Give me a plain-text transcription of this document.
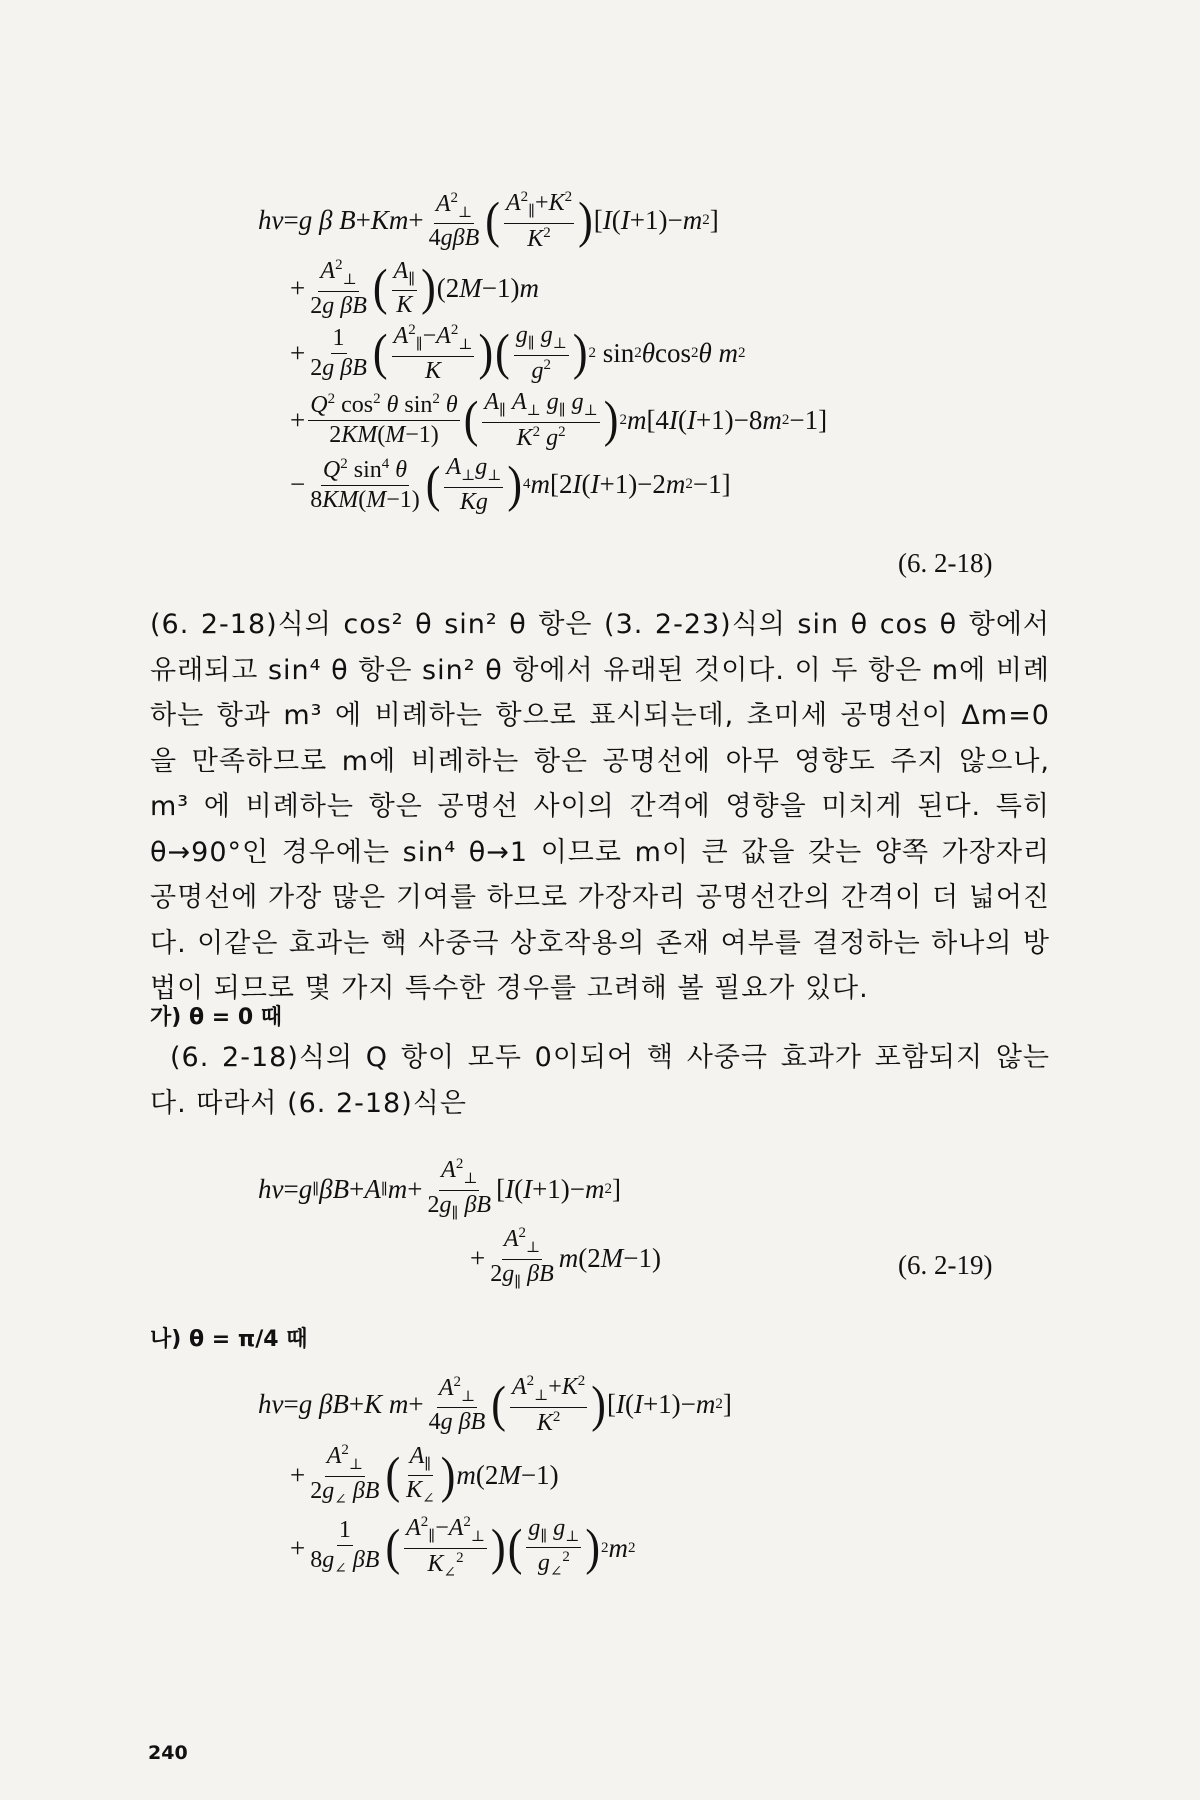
hν = g β $B + Km + \frac{A^2_\perp}{\text{4gβB}}$ ( $\frac{A^2_\parallel+K^2}{K^2}$ ) [ I ( I +1)− m 2 ]
+ $\frac{A^2_\perp}{\text{2g βB}}$ ( $\frac{A_\parallel}{K}$ ) (2 M −1) m
+ $\frac{1}{\text{2g βB}}$ ( $\frac{A^2_\parallel-A^2_\perp}{K}$ ) ( $\frac{g_\parallel g_\perp}{g^2}$ ) 2 sin 2 θ cos 2 θ m 2
+ $\frac{Q^2 \cos^2 \theta \sin^2 \theta}{2KM(M-1)}$ ( $\frac{A_\parallel A_\perp g_\parallel g_\perp}{K^2 g^2}$ ) 2 m [4 I ( I +1)−8 m 2 −1]
− $\frac{Q^2 \sin^4 \theta}{8KM(M-1)}$ ( $\frac{A_\perp g_\perp}{Kg}$ ) 4 m [2 I ( I +1)−2 m 2 −1]
(6. 2-18)
(6. 2-18)식의 cos² θ sin² θ 항은 (3. 2-23)식의 sin θ cos θ 항에서 유래되고 sin⁴ θ 항은 sin² θ 항에서 유래된 것이다. 이 두 항은 m에 비례하는 항과 m³ 에 비례하는 항으로 표시되는데, 초미세 공명선이 Δm=0을 만족하므로 m에 비례하는 항은 공명선에 아무 영향도 주지 않으나, m³ 에 비례하는 항은 공명선 사이의 간격에 영향을 미치게 된다. 특히 θ→90°인 경우에는 sin⁴ θ→1 이므로 m이 큰 값을 갖는 양쪽 가장자리 공명선에 가장 많은 기여를 하므로 가장자리 공명선간의 간격이 더 넓어진다. 이같은 효과는 핵 사중극 상호작용의 존재 여부를 결정하는 하나의 방법이 되므로 몇 가지 특수한 경우를 고려해 볼 필요가 있다.
가) θ = 0 때
(6. 2-18)식의 Q 항이 모두 0이되어 핵 사중극 효과가 포함되지 않는다. 따라서 (6. 2-18)식은
hν = g ∥ βB + A ∥ $m + \frac{A^2_\perp}{2g_\parallel \beta B}$ [ I ( I +1)− m 2 ]
+ $\frac{A^2_\perp}{2g_\parallel \beta B}$ m (2 M −1)	(6. 2-19)
나) θ = π/4 때
hν = g βB + K $m + \frac{A^2_\perp}{\text{4g βB}}$ ( $\frac{A^2_\perp+K^2}{K^2}$ ) [ I ( I +1)− m 2 ]
+ $\frac{A^2_\perp}{2g_\angle \beta B}$ ( $\frac{A_\parallel}{K_\angle}$ ) m (2 M −1)
+ $\frac{1}{8g_\angle \beta B}$ ( $\frac{A^2_\parallel-A^2_\perp}{K_\angle^2}$ ) ( $\frac{g_\parallel g_\perp}{g_\angle^2}$ ) 2 m 2
240
